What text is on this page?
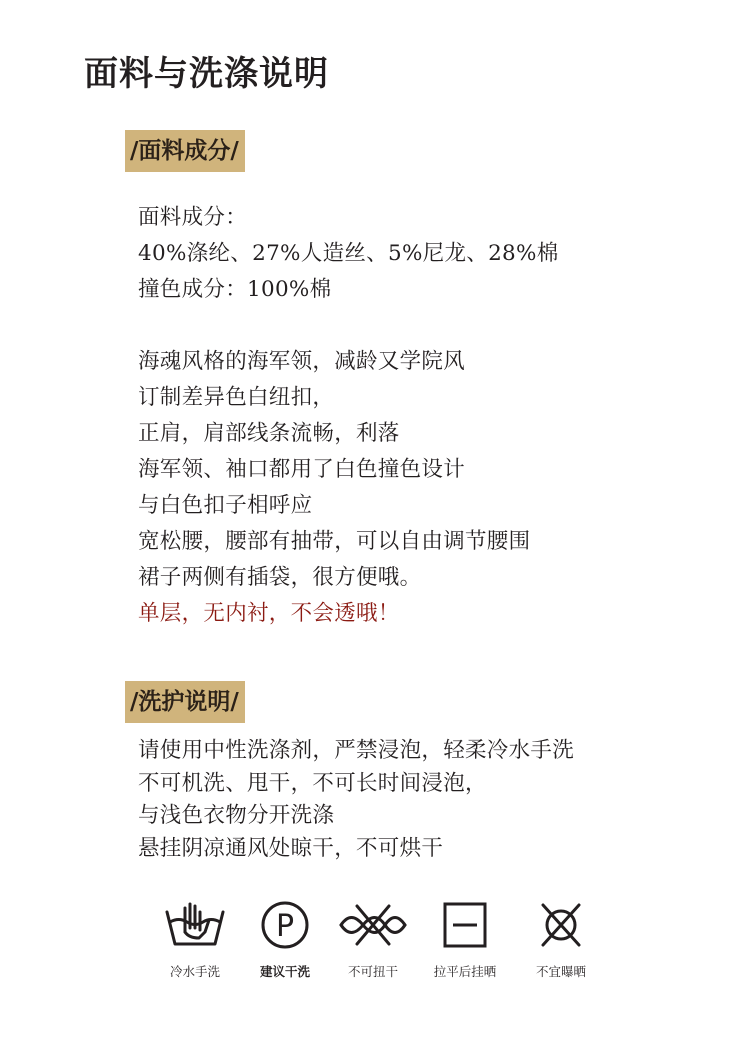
面料与洗涤说明
/面料成分/
面料成分：
40%涤纶、27%人造丝、5%尼龙、28%棉
撞色成分：100%棉
海魂风格的海军领，减龄又学院风
订制差异色白纽扣，
正肩，肩部线条流畅，利落
海军领、袖口都用了白色撞色设计
与白色扣子相呼应
宽松腰，腰部有抽带，可以自由调节腰围
裙子两侧有插袋，很方便哦。
单层，无内衬，不会透哦！
/洗护说明/
请使用中性洗涤剂，严禁浸泡，轻柔冷水手洗
不可机洗、甩干，不可长时间浸泡，
与浅色衣物分开洗涤
悬挂阴凉通风处晾干，不可烘干
冷水手洗
P
建议干洗	不可扭干	拉平后挂晒	不宜曝晒
